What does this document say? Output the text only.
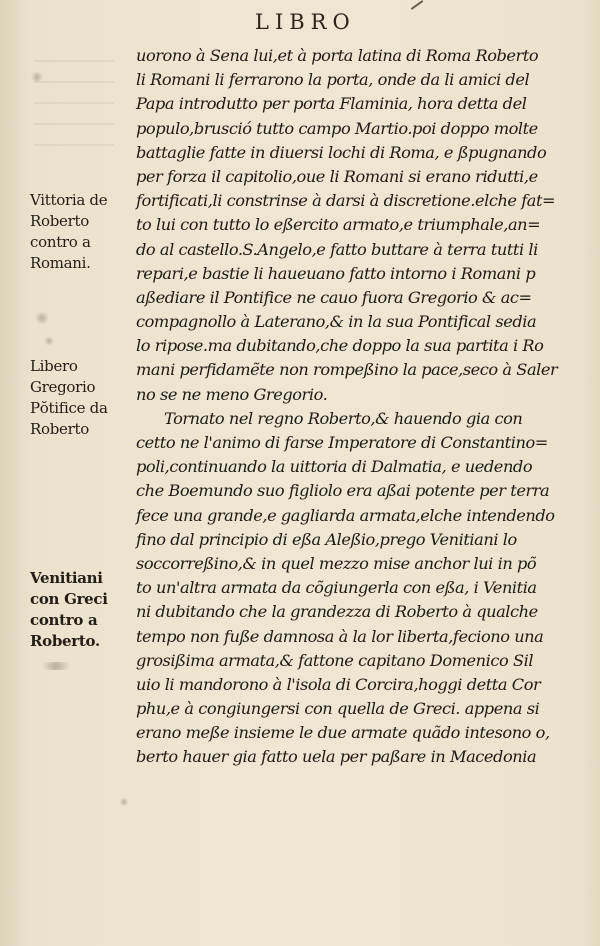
LIBRO
Vittoria de
Roberto
contro a
Romani.
Libero
Gregorio
Pŏtifice da
Roberto
Venitiani
con Greci
contro a
Roberto.
uorono à Sena lui,et à porta latina di Roma Roberto
li Romani li ferrarono la porta, onde da li amici del
Papa introdutto per porta Flaminia, hora detta del
populo,brusció tutto campo Martio.poi doppo molte
battaglie fatte in diuersi lochi di Roma, e ßpugnando
per forza il capitolio,oue li Romani si erano ridutti,e
fortificati,li constrinse à darsi à discretione.elche fat=
to lui con tutto lo eßercito armato,e triumphale,an=
do al castello.S.Angelo,e fatto buttare à terra tutti li
repari,e bastie li haueuano fatto intorno i Romani p
aßediare il Pontifice ne cauo fuora Gregorio & ac=
compagnollo à Laterano,& in la sua Pontifical sedia
lo ripose.ma dubitando,che doppo la sua partita i Ro
mani perfidamẽte non rompeßino la pace,seco à Saler
no se ne meno Gregorio.
Tornato nel regno Roberto,& hauendo gia con
cetto ne l'animo di farse Imperatore di Constantino=
poli,continuando la uittoria di Dalmatia, e uedendo
che Boemundo suo figliolo era aßai potente per terra
fece una grande,e gagliarda armata,elche intendendo
fino dal principio di eßa Aleßio,prego Venitiani lo
soccorreßino,& in quel mezzo mise anchor lui in põ
to un'altra armata da cõgiungerla con eßa, i Venitia
ni dubitando che la grandezza di Roberto à qualche
tempo non fuße damnosa à la lor liberta,feciono una
grosißima armata,& fattone capitano Domenico Sil
uio li mandorono à l'isola di Corcira,hoggi detta Cor
phu,e à congiungersi con quella de Greci. appena si
erano meße insieme le due armate quãdo intesono o,
berto hauer gia fatto uela per paßare in Macedonia
